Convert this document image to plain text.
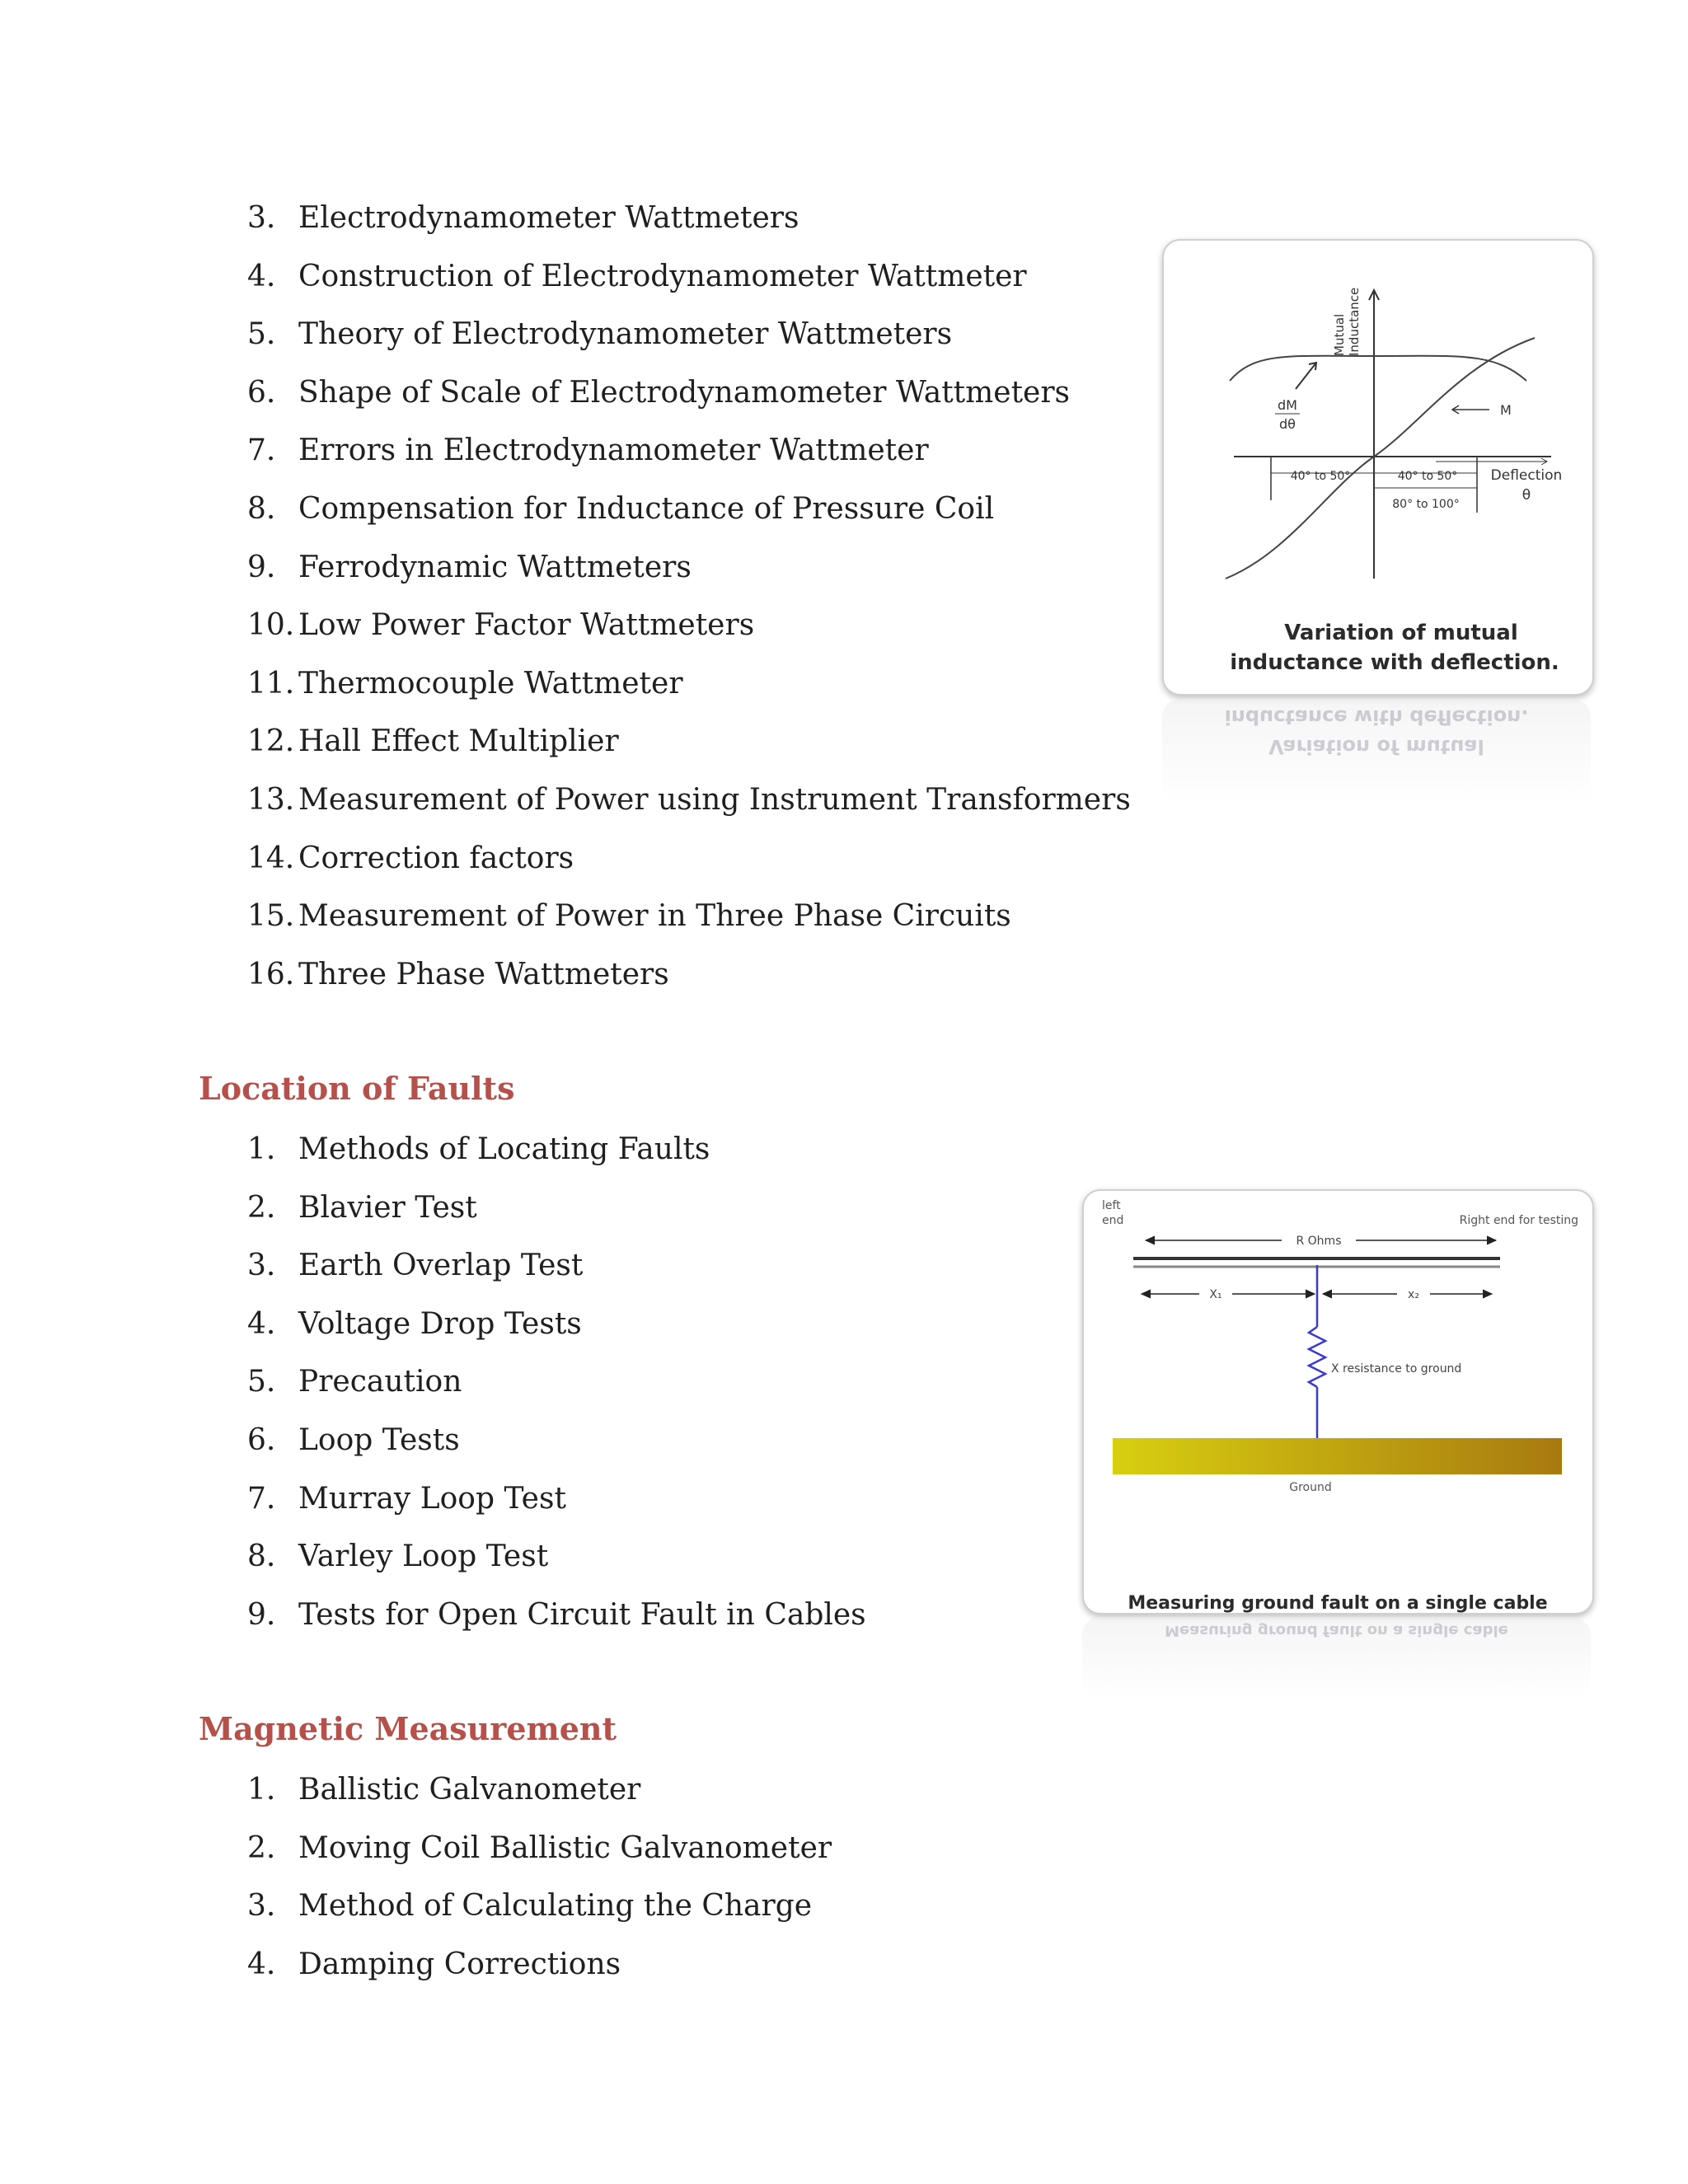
3. Electrodynamometer Wattmeters
4. Construction of Electrodynamometer Wattmeter
5. Theory of Electrodynamometer Wattmeters
6. Shape of Scale of Electrodynamometer Wattmeters
7. Errors in Electrodynamometer Wattmeter
8. Compensation for Inductance of Pressure Coil
9. Ferrodynamic Wattmeters
10. Low Power Factor Wattmeters
11. Thermocouple Wattmeter
12. Hall Effect Multiplier
13. Measurement of Power using Instrument Transformers
14. Correction factors
15. Measurement of Power in Three Phase Circuits
16. Three Phase Wattmeters
Location of Faults
1. Methods of Locating Faults
2. Blavier Test
3. Earth Overlap Test
4. Voltage Drop Tests
5. Precaution
6. Loop Tests
7. Murray Loop Test
8. Varley Loop Test
9. Tests for Open Circuit Fault in Cables
Magnetic Measurement
1. Ballistic Galvanometer
2. Moving Coil Ballistic Galvanometer
3. Method of Calculating the Charge
4. Damping Corrections
Mutual Inductance
dM
dθ
M
40° to 50°	40° to 50°
80° to 100°
Deflection
θ
Variation of mutual
inductance with deflection.
inductance with deflection.
Variation of mutual
left
end	Right end for testing
R Ohms
X₁	x₂
X resistance to ground
Ground
Measuring ground fault on a single cable
Measuring ground fault on a single cable
